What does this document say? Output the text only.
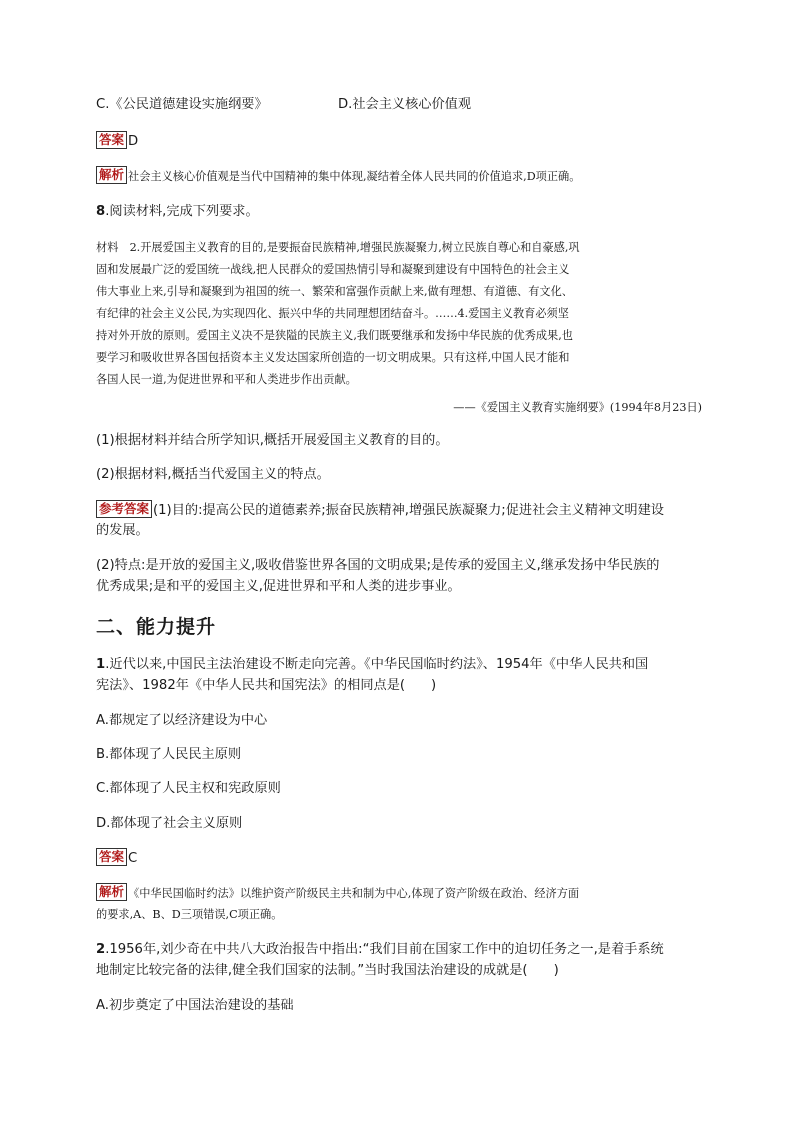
C.《公民道德建设实施纲要》	D.社会主义核心价值观
答案 D
解析 社会主义核心价值观是当代中国精神的集中体现,凝结着全体人民共同的价值追求,D项正确。
8.阅读材料,完成下列要求。
材料　2.开展爱国主义教育的目的,是要振奋民族精神,增强民族凝聚力,树立民族自尊心和自豪感,巩
固和发展最广泛的爱国统一战线,把人民群众的爱国热情引导和凝聚到建设有中国特色的社会主义
伟大事业上来,引导和凝聚到为祖国的统一、繁荣和富强作贡献上来,做有理想、有道德、有文化、
有纪律的社会主义公民,为实现四化、振兴中华的共同理想团结奋斗。……4.爱国主义教育必须坚
持对外开放的原则。爱国主义决不是狭隘的民族主义,我们既要继承和发扬中华民族的优秀成果,也
要学习和吸收世界各国包括资本主义发达国家所创造的一切文明成果。只有这样,中国人民才能和
各国人民一道,为促进世界和平和人类进步作出贡献。
——《爱国主义教育实施纲要》(1994年8月23日)
(1)根据材料并结合所学知识,概括开展爱国主义教育的目的。
(2)根据材料,概括当代爱国主义的特点。
参考答案 (1)目的:提高公民的道德素养;振奋民族精神,增强民族凝聚力;促进社会主义精神文明建设
的发展。
(2)特点:是开放的爱国主义,吸收借鉴世界各国的文明成果;是传承的爱国主义,继承发扬中华民族的
优秀成果;是和平的爱国主义,促进世界和平和人类的进步事业。
二、能力提升
1.近代以来,中国民主法治建设不断走向完善。《中华民国临时约法》、1954年《中华人民共和国
宪法》、1982年《中华人民共和国宪法》的相同点是( )
A.都规定了以经济建设为中心
B.都体现了人民民主原则
C.都体现了人民主权和宪政原则
D.都体现了社会主义原则
答案 C
解析 《中华民国临时约法》以维护资产阶级民主共和制为中心,体现了资产阶级在政治、经济方面
的要求,A、B、D三项错误,C项正确。
2.1956年,刘少奇在中共八大政治报告中指出:“我们目前在国家工作中的迫切任务之一,是着手系统
地制定比较完备的法律,健全我们国家的法制。”当时我国法治建设的成就是( )
A.初步奠定了中国法治建设的基础
